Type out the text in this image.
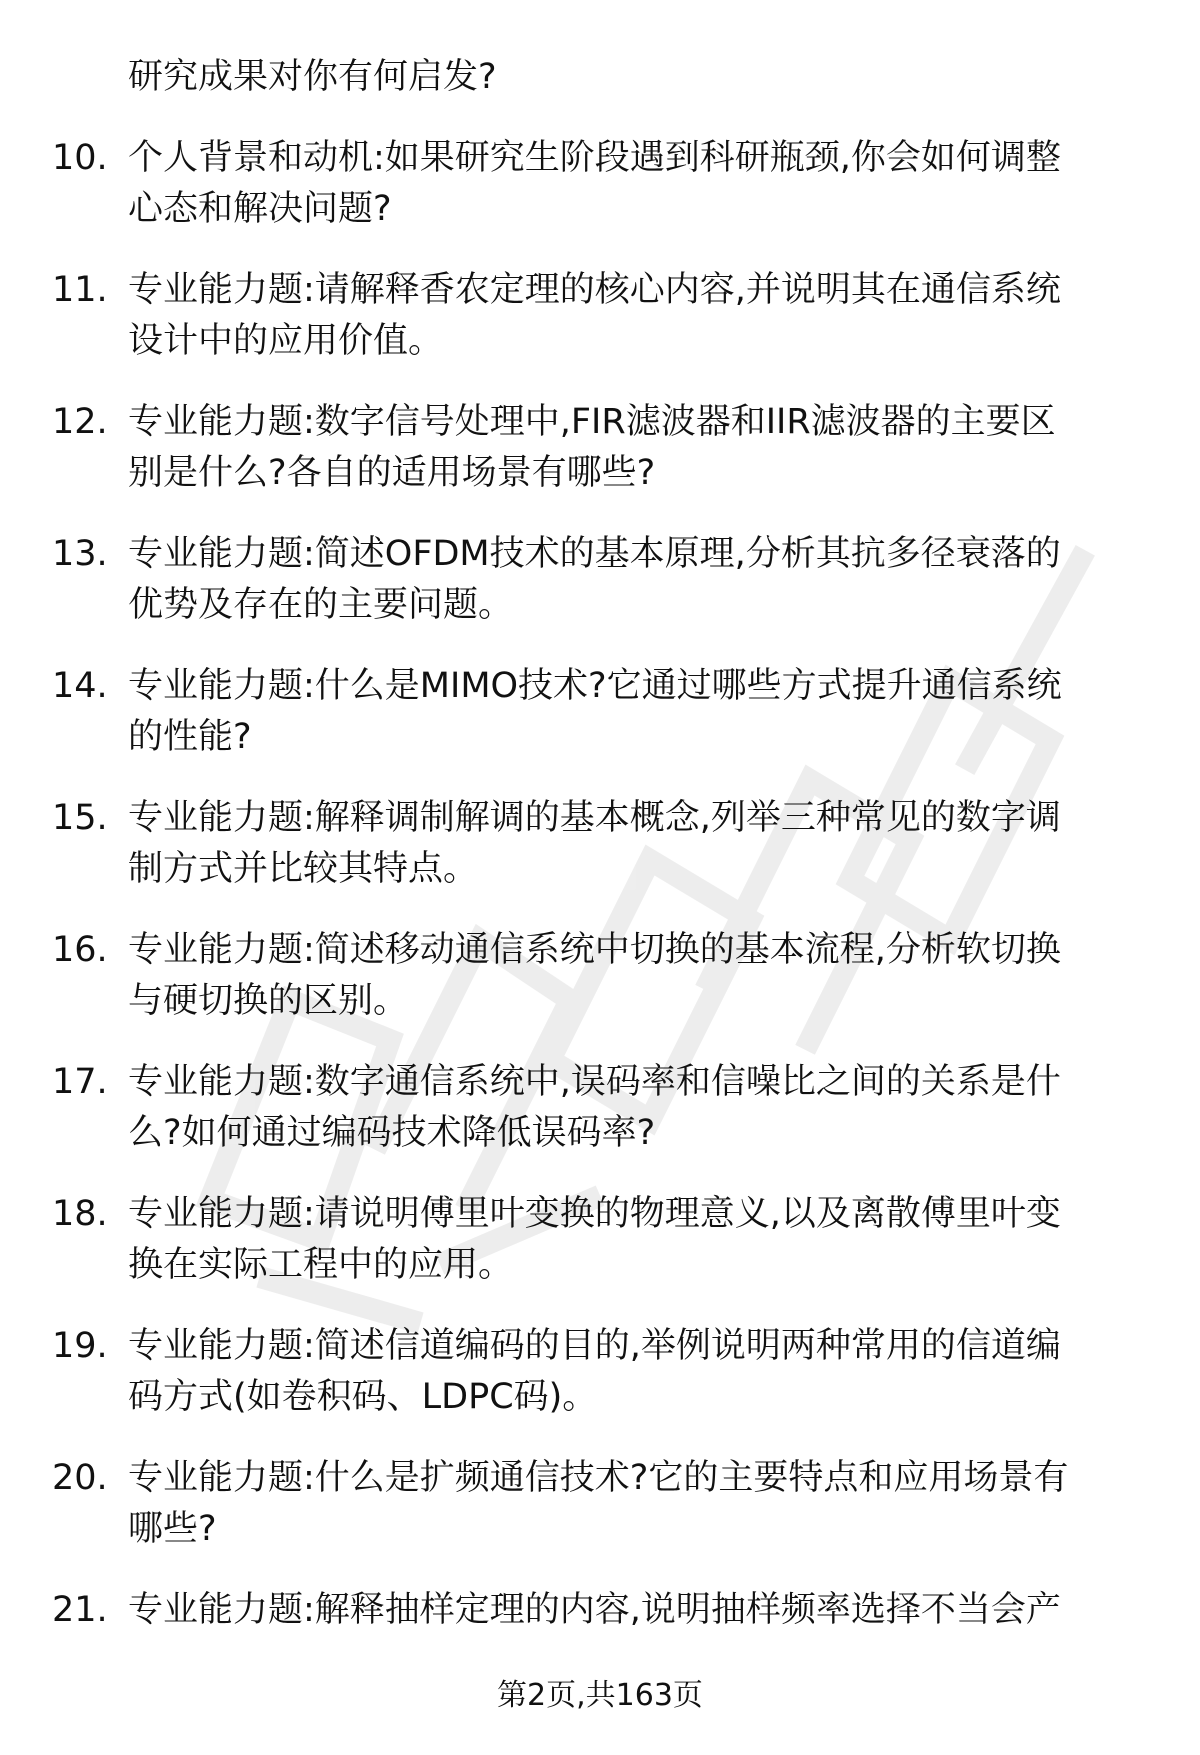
研究成果对你有何启发?
10. 个人背景和动机:如果研究生阶段遇到科研瓶颈,你会如何调整
心态和解决问题?
11. 专业能力题:请解释香农定理的核心内容,并说明其在通信系统
设计中的应用价值。
12. 专业能力题:数字信号处理中,FIR滤波器和IIR滤波器的主要区
别是什么?各自的适用场景有哪些?
13. 专业能力题:简述OFDM技术的基本原理,分析其抗多径衰落的
优势及存在的主要问题。
14. 专业能力题:什么是MIMO技术?它通过哪些方式提升通信系统
的性能?
15. 专业能力题:解释调制解调的基本概念,列举三种常见的数字调
制方式并比较其特点。
16. 专业能力题:简述移动通信系统中切换的基本流程,分析软切换
与硬切换的区别。
17. 专业能力题:数字通信系统中,误码率和信噪比之间的关系是什
么?如何通过编码技术降低误码率?
18. 专业能力题:请说明傅里叶变换的物理意义,以及离散傅里叶变
换在实际工程中的应用。
19. 专业能力题:简述信道编码的目的,举例说明两种常用的信道编
码方式(如卷积码、LDPC码)。
20. 专业能力题:什么是扩频通信技术?它的主要特点和应用场景有
哪些?
21. 专业能力题:解释抽样定理的内容,说明抽样频率选择不当会产
第2页,共163页
